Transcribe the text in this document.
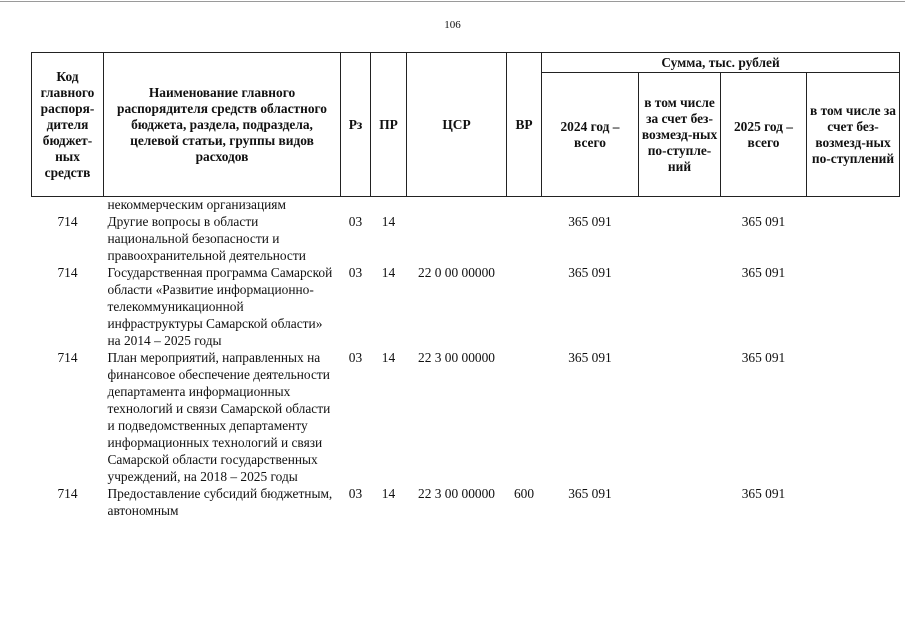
106
Код главного распоря-дителя бюджет-ных средств	Наименование главного распорядителя средств областного бюджета, раздела, подраздела, целевой статьи, группы видов расходов	Рз	ПР	ЦСР	ВР	Сумма, тыс. рублей			
						2024 год – всего	в том числе за счет без-возмезд-ных по-ступле-ний	2025 год – всего	в том числе за счет без-возмезд-ных по-ступлений
	некоммерческим организациям								
714	Другие вопросы в области национальной безопасности и правоохранительной деятельности	03	14			365 091		365 091	
714	Государственная программа Самарской области «Развитие информационно-телекоммуникационной инфраструктуры Самарской области» на 2014 – 2025 годы	03	14	22 0 00 00000		365 091		365 091	
714	План мероприятий, направленных на финансовое обеспечение деятельности департамента информационных технологий и связи Самарской области и подведомственных департаменту информационных технологий и связи Самарской области государственных учреждений, на 2018 – 2025 годы	03	14	22 3 00 00000		365 091		365 091	
714	Предоставление субсидий бюджетным, автономным	03	14	22 3 00 00000	600	365 091		365 091	
